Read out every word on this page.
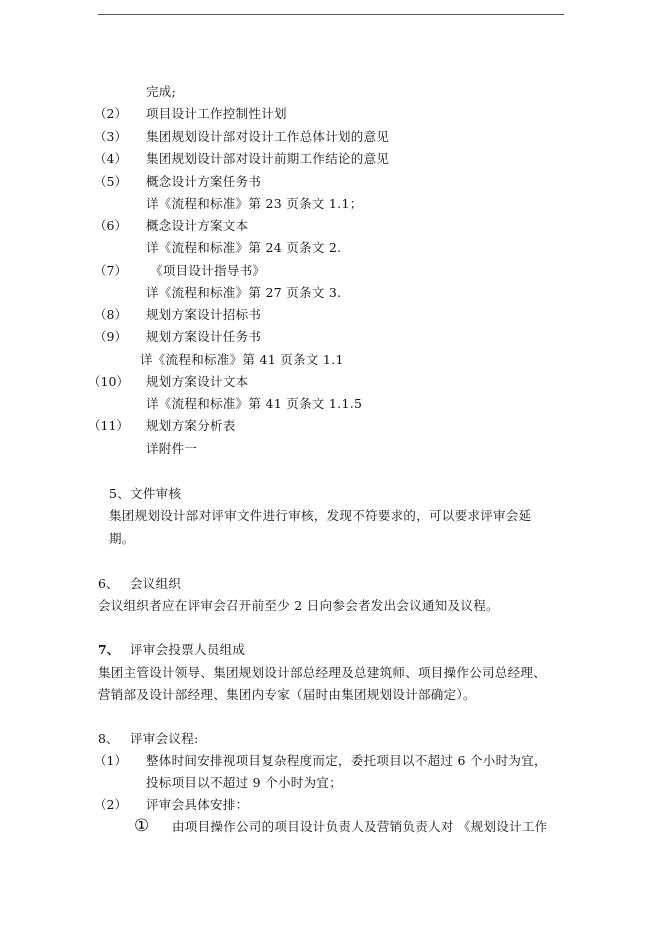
完成;
（2） 项目设计工作控制性计划
（3） 集团规划设计部对设计工作总体计划的意见
（4） 集团规划设计部对设计前期工作结论的意见
（5） 概念设计方案任务书
详《流程和标准》第 23 页条文 1.1；
（6） 概念设计方案文本
详《流程和标准》第 24 页条文 2.
（7） 《项目设计指导书》
详《流程和标准》第 27 页条文 3.
（8） 规划方案设计招标书
（9） 规划方案设计任务书
详《流程和标准》第 41 页条文 1.1
（10） 规划方案设计文本
详《流程和标准》第 41 页条文 1.1.5
（11） 规划方案分析表
详附件一
5、文件审核
集团规划设计部对评审文件进行审核，发现不符要求的，可以要求评审会延
期。
6、 会议组织
会议组织者应在评审会召开前至少 2 日向参会者发出会议通知及议程。
7、 评审会投票人员组成
集团主管设计领导、集团规划设计部总经理及总建筑师、项目操作公司总经理、
营销部及设计部经理、集团内专家（届时由集团规划设计部确定）。
8、 评审会议程:
（1） 整体时间安排视项目复杂程度而定，委托项目以不超过 6 个小时为宜，
投标项目以不超过 9 个小时为宜；
（2） 评审会具体安排：
① 由项目操作公司的项目设计负责人及营销负责人对 《规划设计工作
